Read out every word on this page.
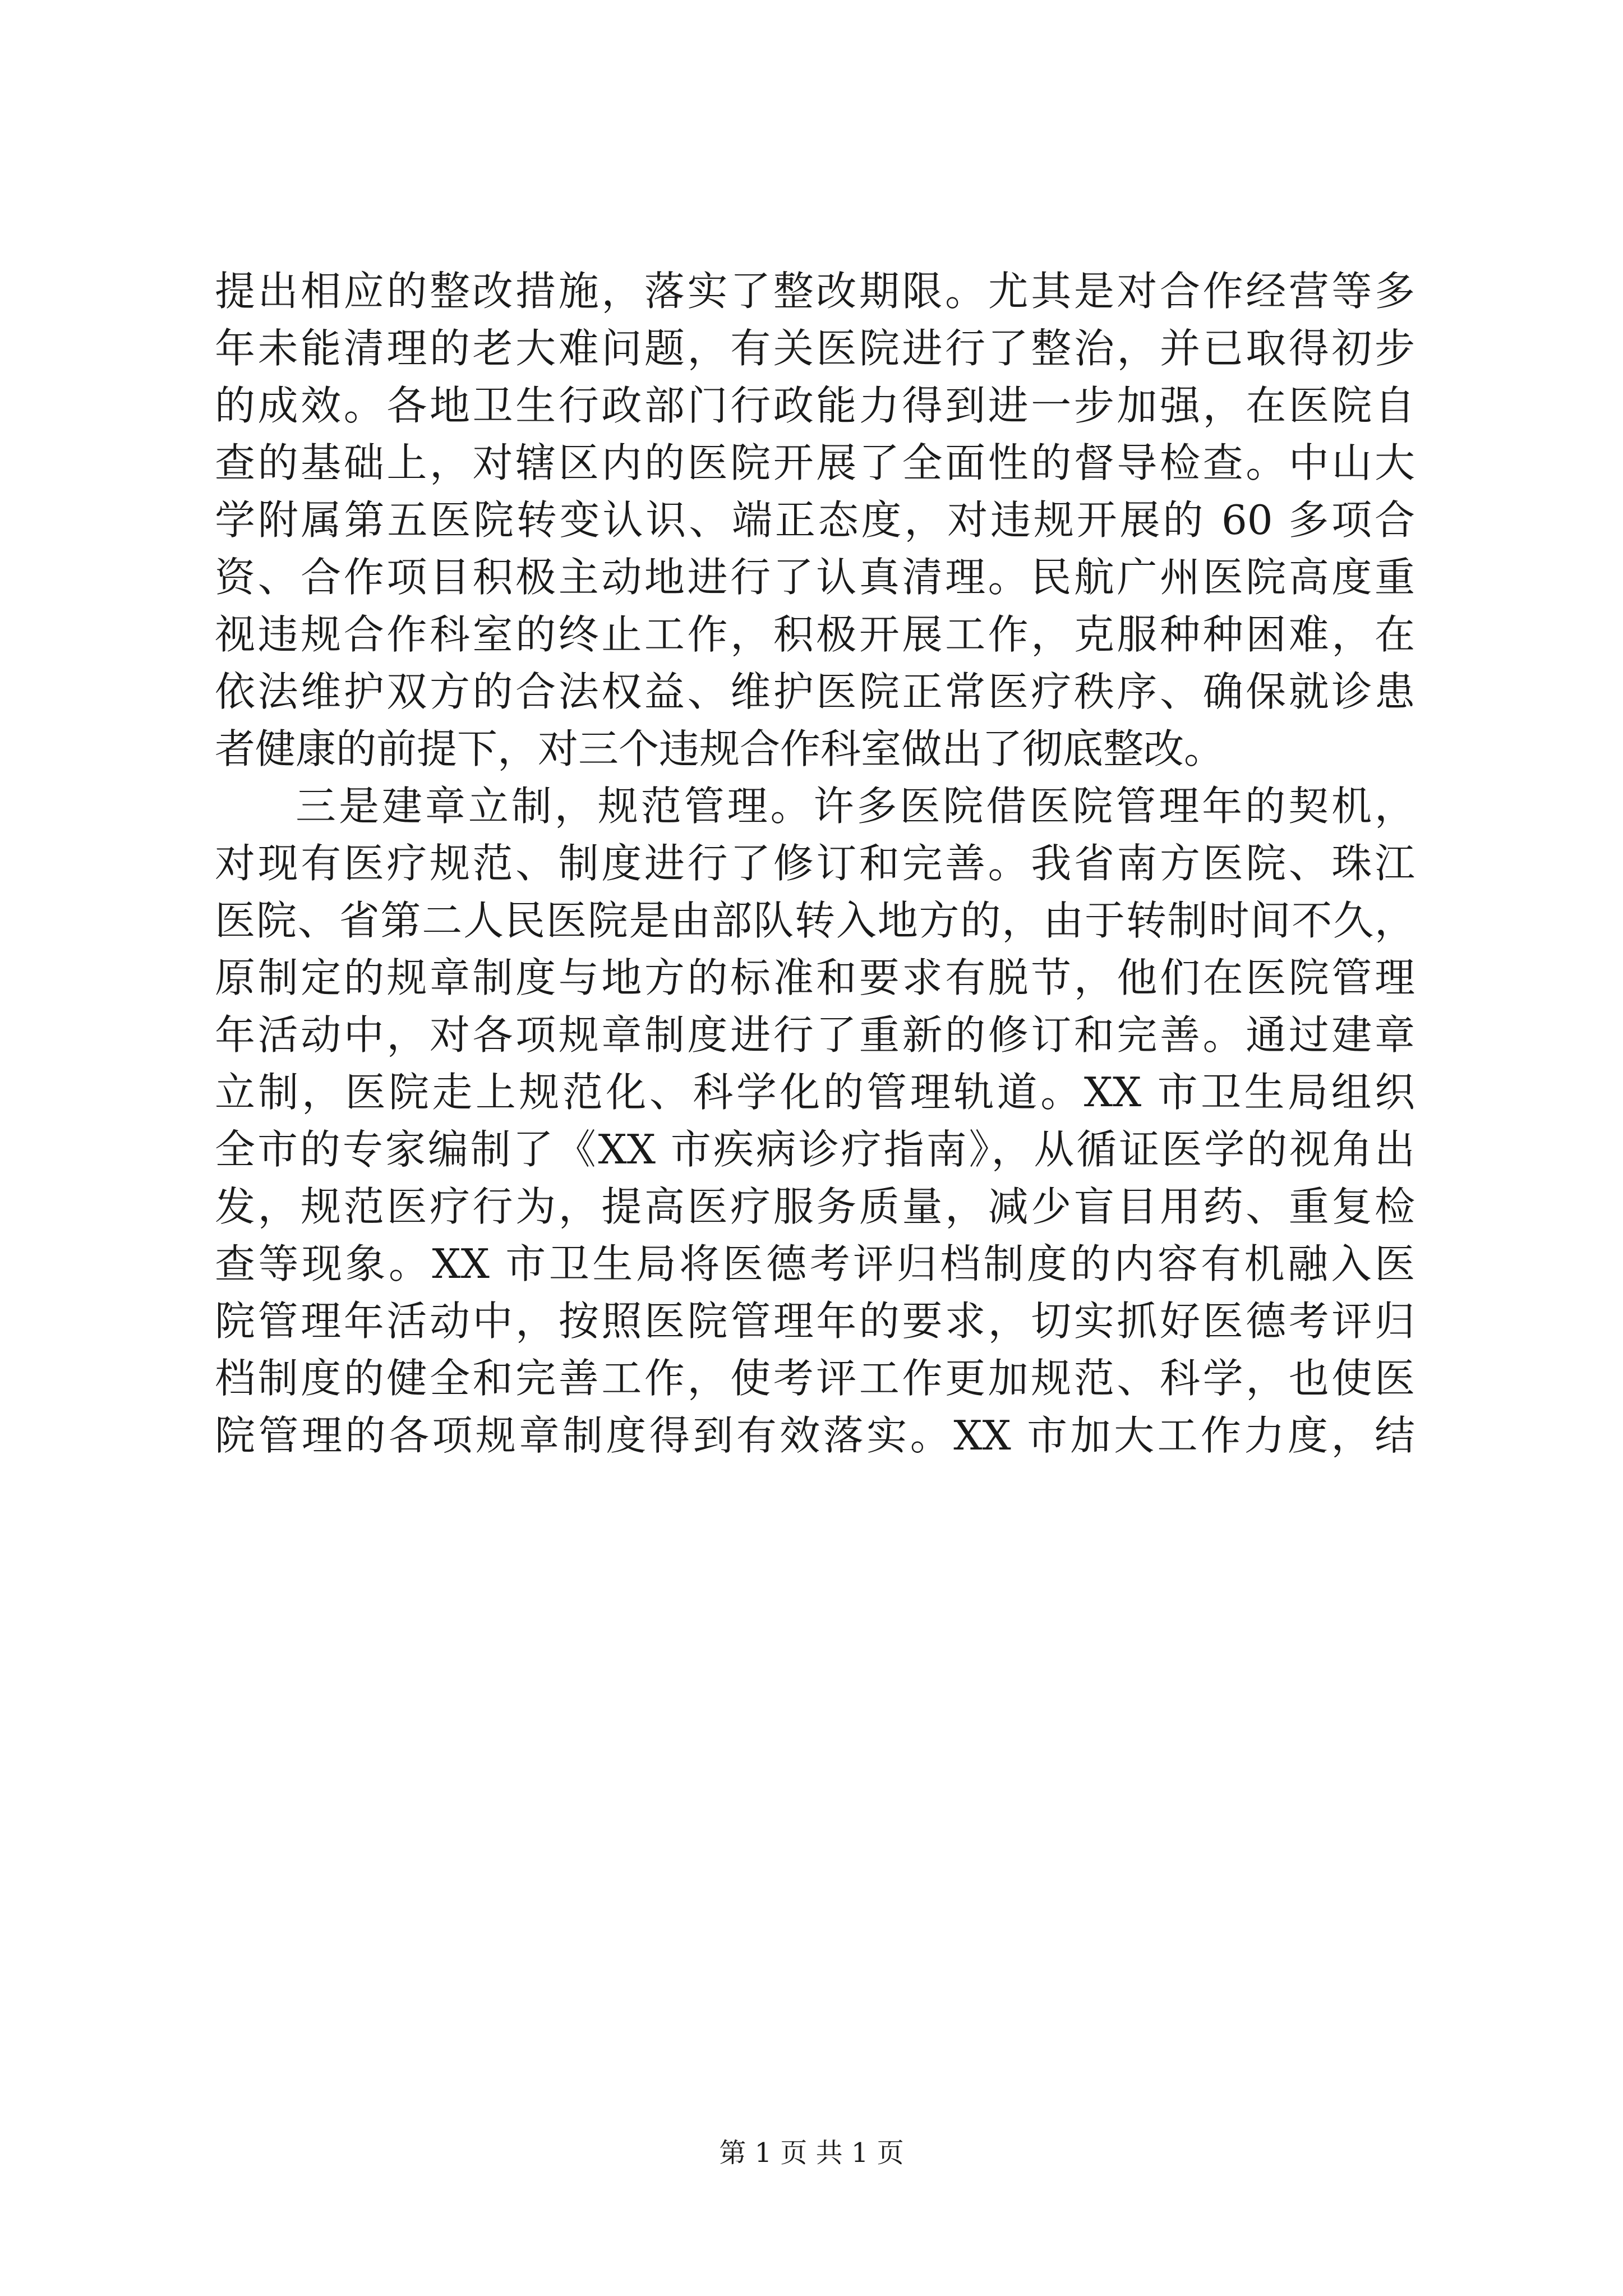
提出相应的整改措施，落实了整改期限。尤其是对合作经营等多
年未能清理的老大难问题，有关医院进行了整治，并已取得初步
的成效。各地卫生行政部门行政能力得到进一步加强，在医院自
查的基础上，对辖区内的医院开展了全面性的督导检查。中山大
学附属第五医院转变认识、端正态度，对违规开展的 60 多项合
资、合作项目积极主动地进行了认真清理。民航广州医院高度重
视违规合作科室的终止工作，积极开展工作，克服种种困难，在
依法维护双方的合法权益、维护医院正常医疗秩序、确保就诊患
者健康的前提下，对三个违规合作科室做出了彻底整改。
三是建章立制，规范管理。许多医院借医院管理年的契机，
对现有医疗规范、制度进行了修订和完善。我省南方医院、珠江
医院、省第二人民医院是由部队转入地方的，由于转制时间不久，
原制定的规章制度与地方的标准和要求有脱节，他们在医院管理
年活动中，对各项规章制度进行了重新的修订和完善。通过建章
立制，医院走上规范化、科学化的管理轨道。XX 市卫生局组织
全市的专家编制了《XX 市疾病诊疗指南》，从循证医学的视角出
发，规范医疗行为，提高医疗服务质量，减少盲目用药、重复检
查等现象。XX 市卫生局将医德考评归档制度的内容有机融入医
院管理年活动中，按照医院管理年的要求，切实抓好医德考评归
档制度的健全和完善工作，使考评工作更加规范、科学，也使医
院管理的各项规章制度得到有效落实。XX 市加大工作力度，结
第 1 页 共 1 页
